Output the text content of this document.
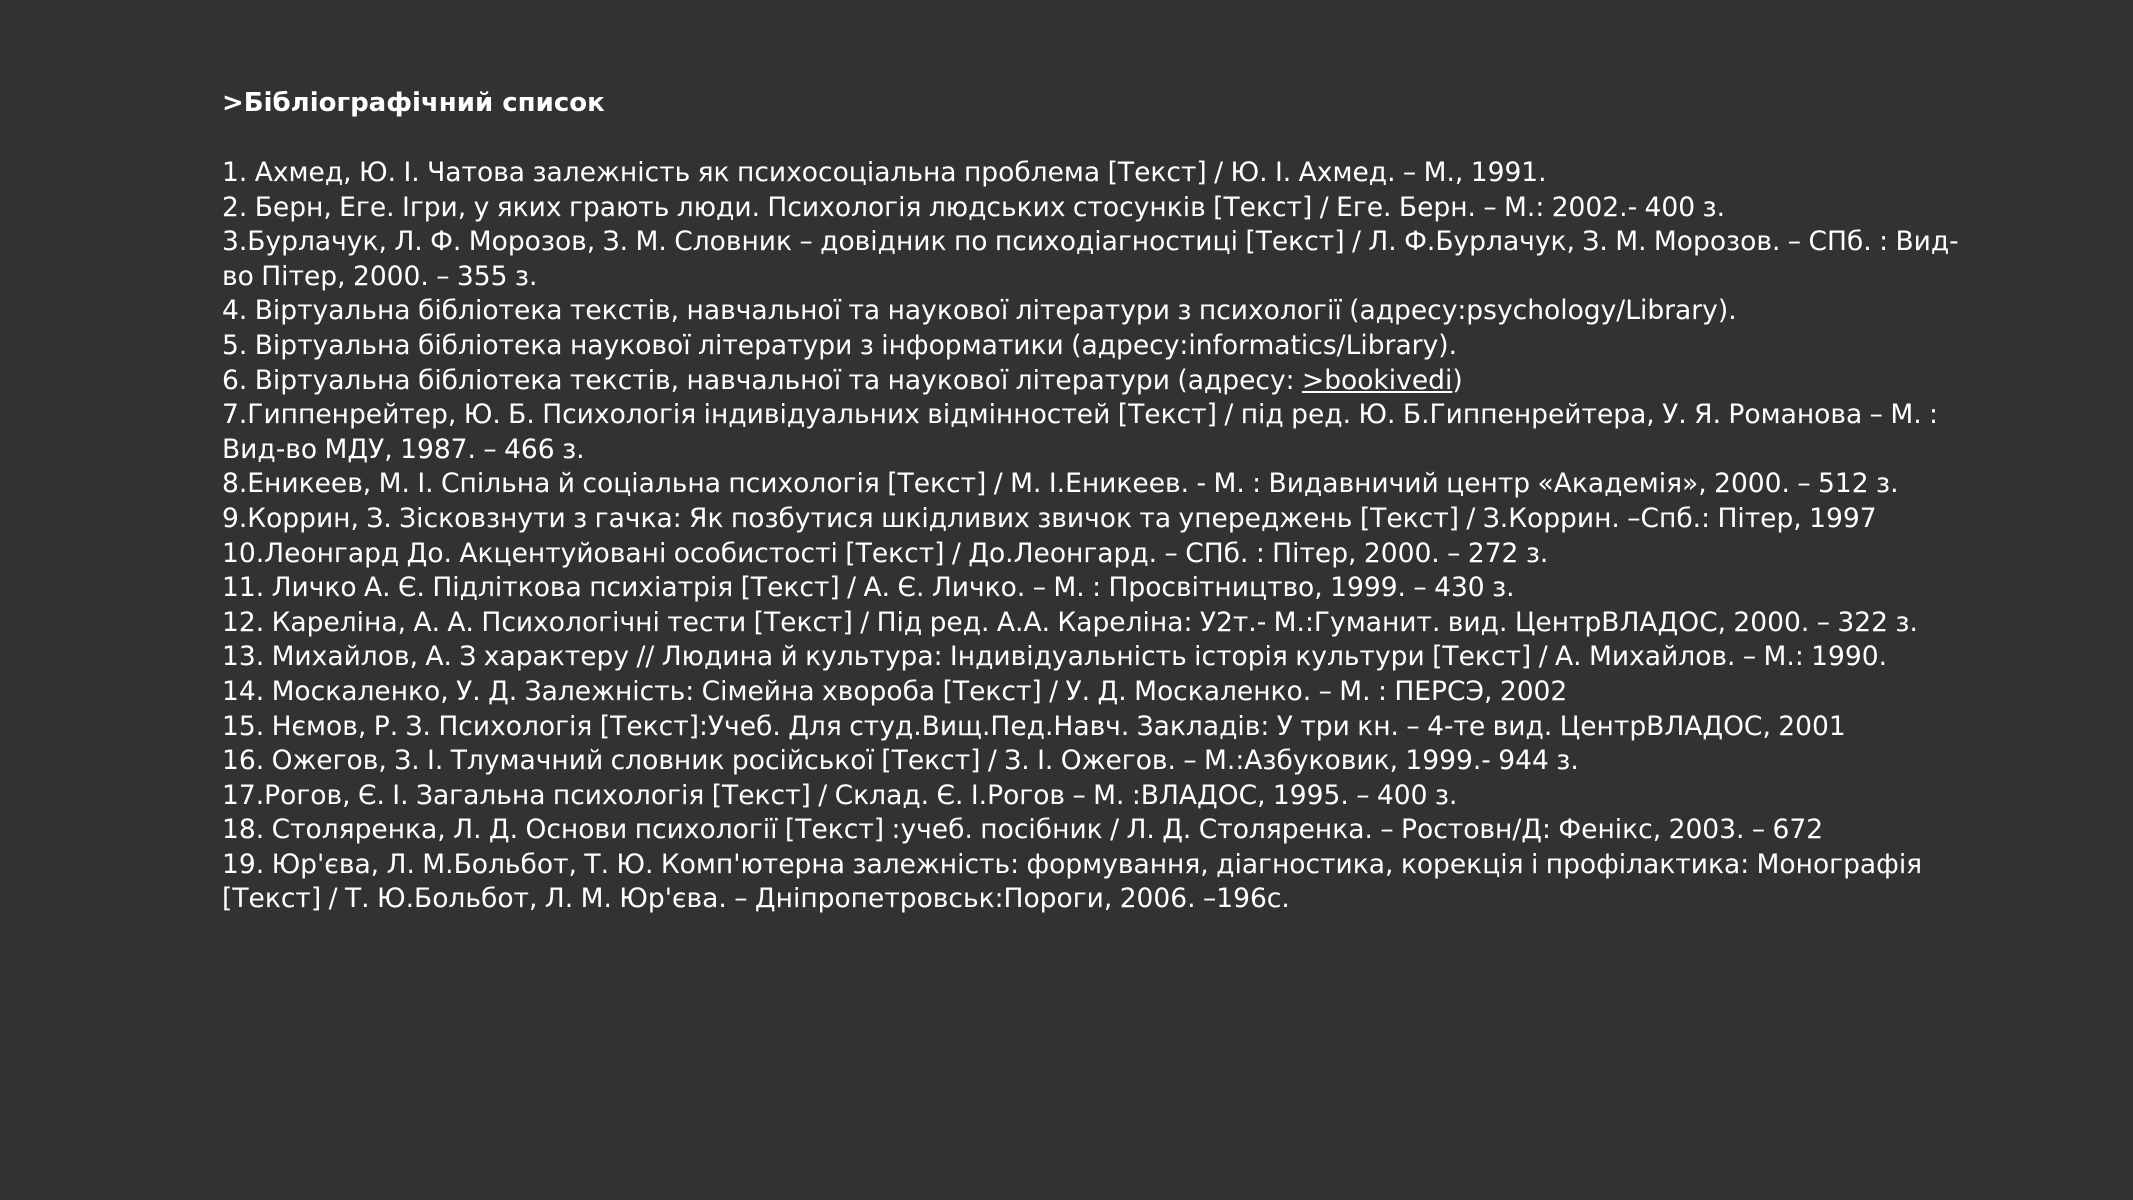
>Бібліографічний список
1. Ахмед, Ю. І. Чатова залежність як психосоціальна проблема [Текст] / Ю. І. Ахмед. – М., 1991.
2. Берн, Еге. Ігри, у яких грають люди. Психологія людських стосунків [Текст] / Еге. Берн. – М.: 2002.- 400 з.
3.Бурлачук, Л. Ф. Морозов, З. М. Словник – довідник по психодіагностиці [Текст] / Л. Ф.Бурлачук, З. М. Морозов. – СПб. : Вид-во Пітер, 2000. – 355 з.
4. Віртуальна бібліотека текстів, навчальної та наукової літератури з психології (адресу:psychology/Library).
5. Віртуальна бібліотека наукової літератури з інформатики (адресу:informatics/Library).
6. Віртуальна бібліотека текстів, навчальної та наукової літератури (адресу: >bookivedi)
7.Гиппенрейтер, Ю. Б. Психологія індивідуальних відмінностей [Текст] / під ред. Ю. Б.Гиппенрейтера, У. Я. Романова – М. : Вид-во МДУ, 1987. – 466 з.
8.Еникеев, М. І. Спільна й соціальна психологія [Текст] / М. І.Еникеев. - М. : Видавничий центр «Академія», 2000. – 512 з.
9.Коррин, З. Зісковзнути з гачка: Як позбутися шкідливих звичок та упереджень [Текст] / З.Коррин. –Спб.: Пітер, 1997
10.Леонгард До. Акцентуйовані особистості [Текст] / До.Леонгард. – СПб. : Пітер, 2000. – 272 з.
11. Личко А. Є. Підліткова психіатрія [Текст] / А. Є. Личко. – М. : Просвітництво, 1999. – 430 з.
12. Кареліна, А. А. Психологічні тести [Текст] / Під ред. А.А. Кареліна: У2т.- М.:Гуманит. вид. ЦентрВЛАДОС, 2000. – 322 з.
13. Михайлов, А. З характеру // Людина й культура: Індивідуальність історія культури [Текст] / А. Михайлов. – М.: 1990.
14. Москаленко, У. Д. Залежність: Сімейна хвороба [Текст] / У. Д. Москаленко. – М. : ПЕРСЭ, 2002
15. Нємов, Р. З. Психологія [Текст]:Учеб. Для студ.Вищ.Пед.Навч. Закладів: У три кн. – 4-те вид. ЦентрВЛАДОС, 2001
16. Ожегов, З. І. Тлумачний словник російської [Текст] / З. І. Ожегов. – М.:Азбуковик, 1999.- 944 з.
17.Рогов, Є. І. Загальна психологія [Текст] / Склад. Є. І.Рогов – М. :ВЛАДОС, 1995. – 400 з.
18. Столяренка, Л. Д. Основи психології [Текст] :учеб. посібник / Л. Д. Столяренка. – Ростовн/Д: Фенікс, 2003. – 672
19. Юр'єва, Л. М.Больбот, Т. Ю. Комп'ютерна залежність: формування, діагностика, корекція і профілактика: Монографія [Текст] / Т. Ю.Больбот, Л. М. Юр'єва. – Дніпропетровськ:Пороги, 2006. –196с.
